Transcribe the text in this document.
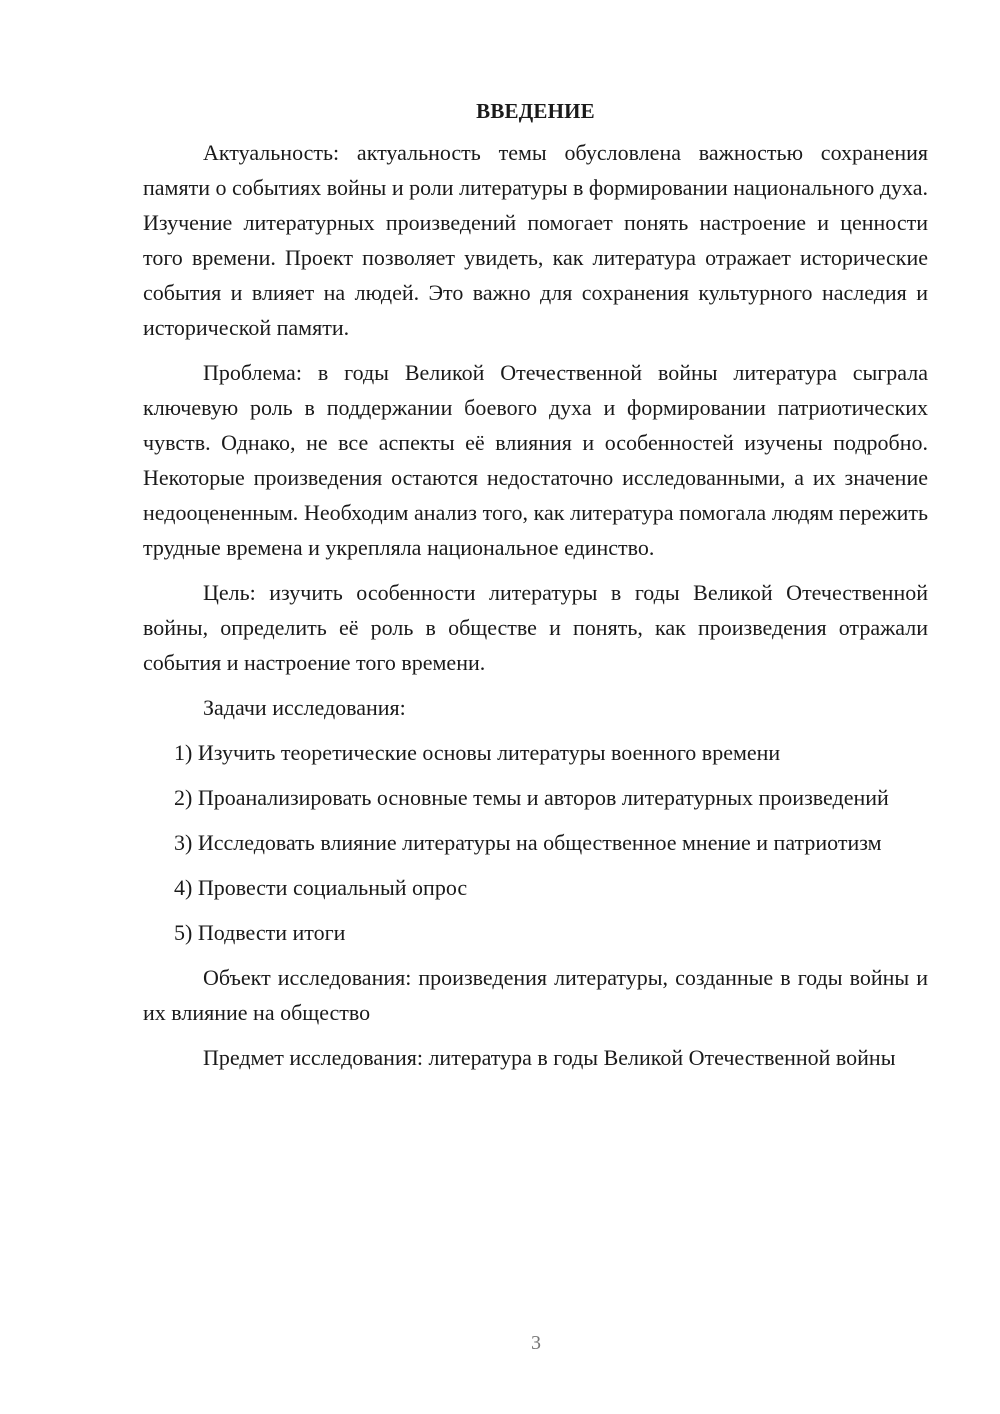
ВВЕДЕНИЕ

Актуальность: актуальность темы обусловлена важностью сохранения памяти о событиях войны и роли литературы в формировании национального духа. Изучение литературных произведений помогает понять настроение и ценности того времени. Проект позволяет увидеть, как литература отражает исторические события и влияет на людей. Это важно для сохранения культурного наследия и исторической памяти.

Проблема: в годы Великой Отечественной войны литература сыграла ключевую роль в поддержании боевого духа и формировании патриотических чувств. Однако, не все аспекты её влияния и особенностей изучены подробно. Некоторые произведения остаются недостаточно исследованными, а их значение недооцененным. Необходим анализ того, как литература помогала людям пережить трудные времена и укрепляла национальное единство.

Цель: изучить особенности литературы в годы Великой Отечественной войны, определить её роль в обществе и понять, как произведения отражали события и настроение того времени.

Задачи исследования:

1) Изучить теоретические основы литературы военного времени

2) Проанализировать основные темы и авторов литературных произведений

3) Исследовать влияние литературы на общественное мнение и патриотизм

4) Провести социальный опрос

5) Подвести итоги

Объект исследования: произведения литературы, созданные в годы войны и их влияние на общество

Предмет исследования: литература в годы Великой Отечественной войны

3
